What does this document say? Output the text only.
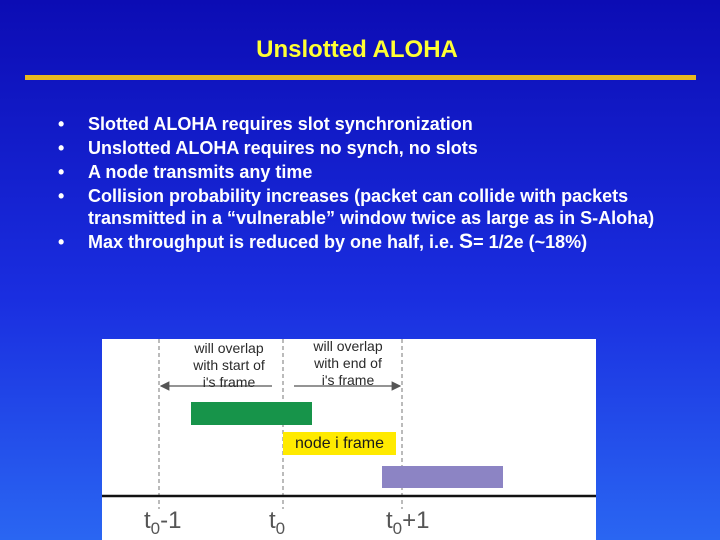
Unslotted ALOHA
• Slotted ALOHA requires slot synchronization
• Unslotted ALOHA requires no synch, no slots
• A node transmits any time
• Collision probability increases (packet can collide with packets transmitted in a “vulnerable” window twice as large as in S-Aloha)
• Max throughput is reduced by one half, i.e. S= 1/2e (~18%)
will overlap
with start of
i's frame
will overlap
with end of
i's frame
node i frame
$t_0-1$	$t_0$	$t_0+1$
